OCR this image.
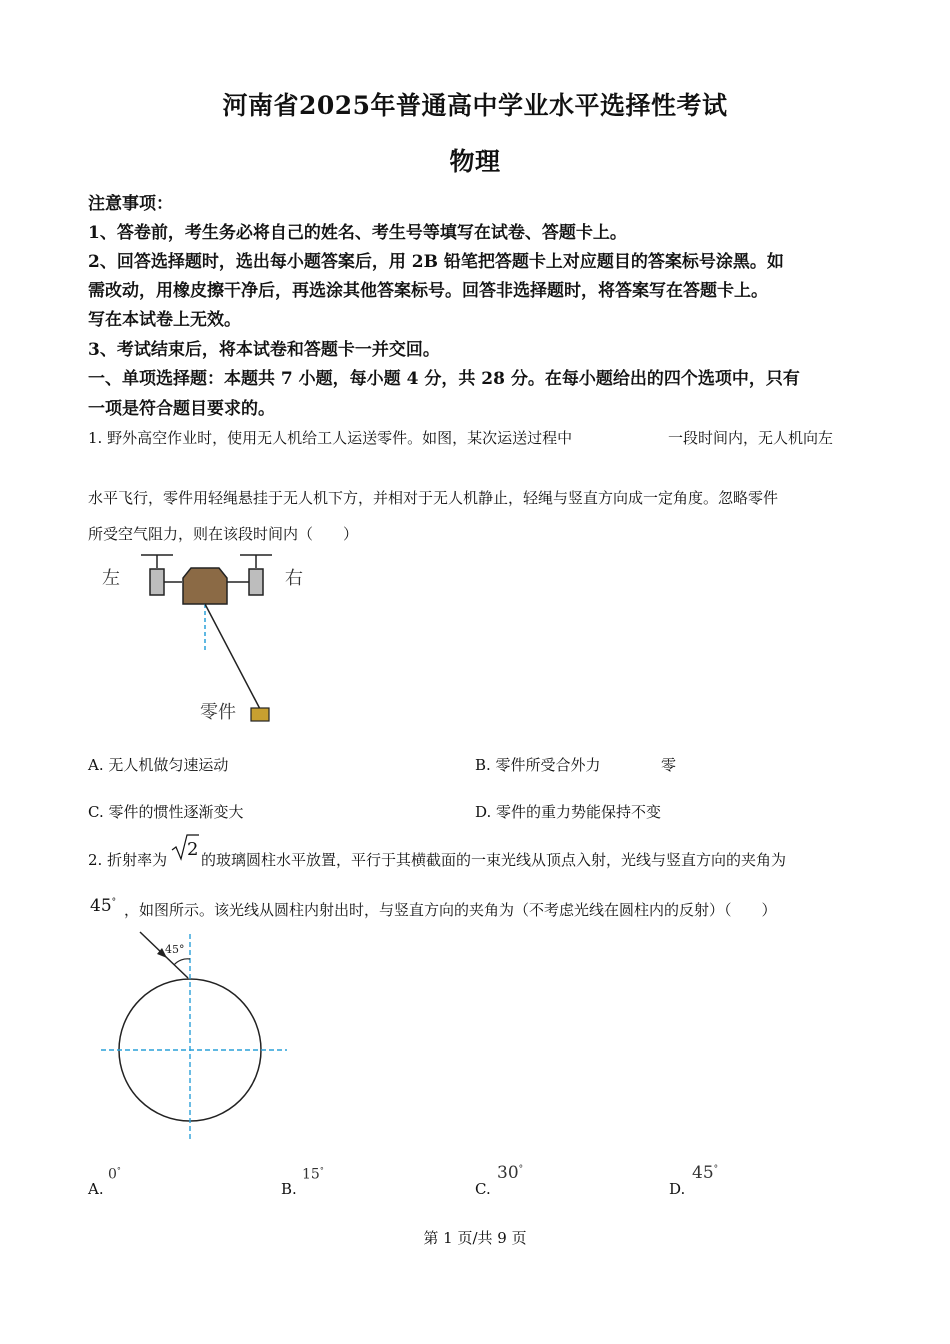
河南省2025年普通高中学业水平选择性考试
物理
注意事项：
1、答卷前，考生务必将自己的姓名、考生号等填写在试卷、答题卡上。
2、回答选择题时，选出每小题答案后，用 2B 铅笔把答题卡上对应题目的答案标号涂黑。如
需改动，用橡皮擦干净后，再选涂其他答案标号。回答非选择题时，将答案写在答题卡上。
写在本试卷上无效。
3、考试结束后，将本试卷和答题卡一并交回。
一、单项选择题：本题共 7 小题，每小题 4 分，共 28 分。在每小题给出的四个选项中，只有
一项是符合题目要求的。
1. 野外高空作业时，使用无人机给工人运送零件。如图，某次运送过程中	一段时间内，无人机向左
水平飞行，零件用轻绳悬挂于无人机下方，并相对于无人机静止，轻绳与竖直方向成一定角度。忽略零件
所受空气阻力，则在该段时间内（　　）
左	右
零件
A. 无人机做匀速运动	B. 零件所受合外力	零
C. 零件的惯性逐渐变大	D. 零件的重力势能保持不变
2. 折射率为 2 的玻璃圆柱水平放置，平行于其横截面的一束光线从顶点入射，光线与竖直方向的夹角为
45° ，如图所示。该光线从圆柱内射出时，与竖直方向的夹角为（不考虑光线在圆柱内的反射）（　　）
45°
A.
0°
B.
15°
C.
30°
D.
45°
第 1 页/共 9 页
